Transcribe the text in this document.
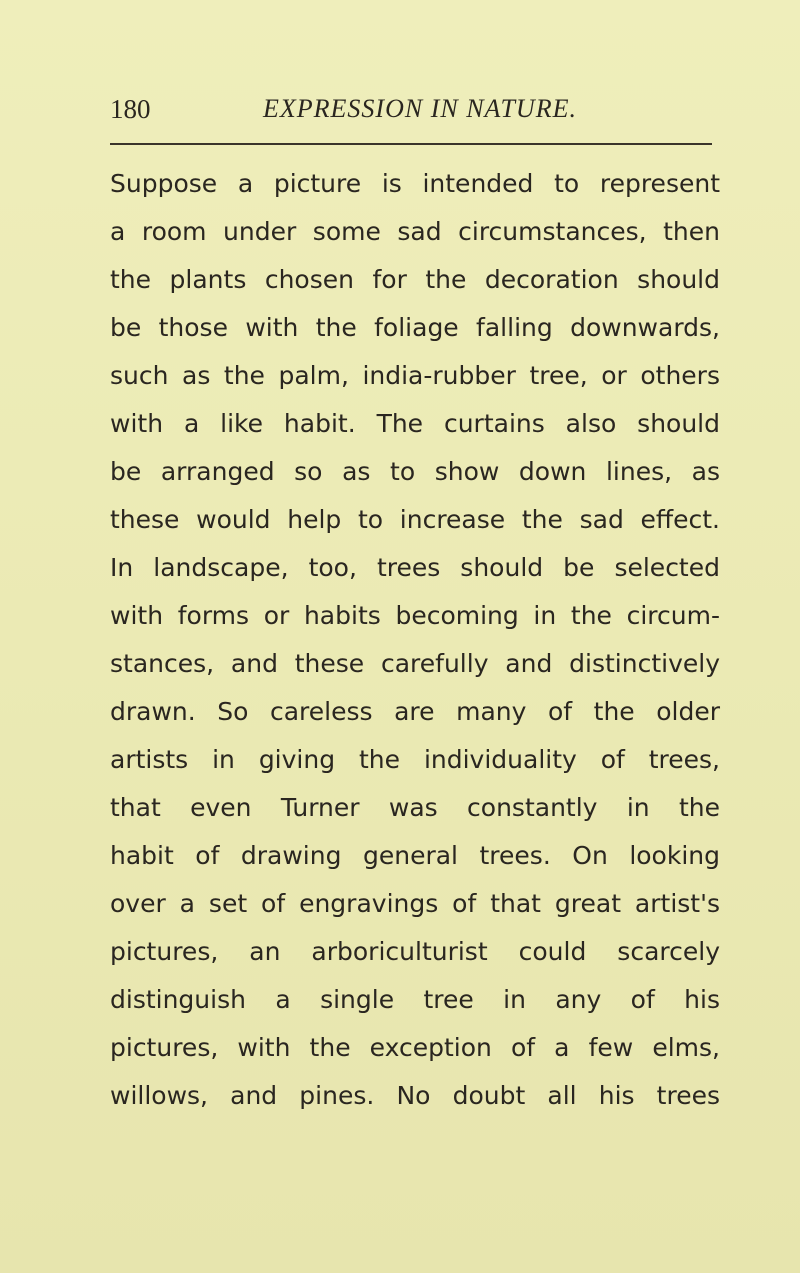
180	EXPRESSION IN NATURE.
Suppose a picture is intended to represent
a room under some sad circumstances, then
the plants chosen for the decoration should
be those with the foliage falling downwards,
such as the palm, india-rubber tree, or others
with a like habit. The curtains also should
be arranged so as to show down lines, as
these would help to increase the sad effect.
In landscape, too, trees should be selected
with forms or habits becoming in the circum-
stances, and these carefully and distinctively
drawn. So careless are many of the older
artists in giving the individuality of trees,
that even Turner was constantly in the
habit of drawing general trees. On looking
over a set of engravings of that great artist's
pictures, an arboriculturist could scarcely
distinguish a single tree in any of his
pictures, with the exception of a few elms,
willows, and pines. No doubt all his trees
